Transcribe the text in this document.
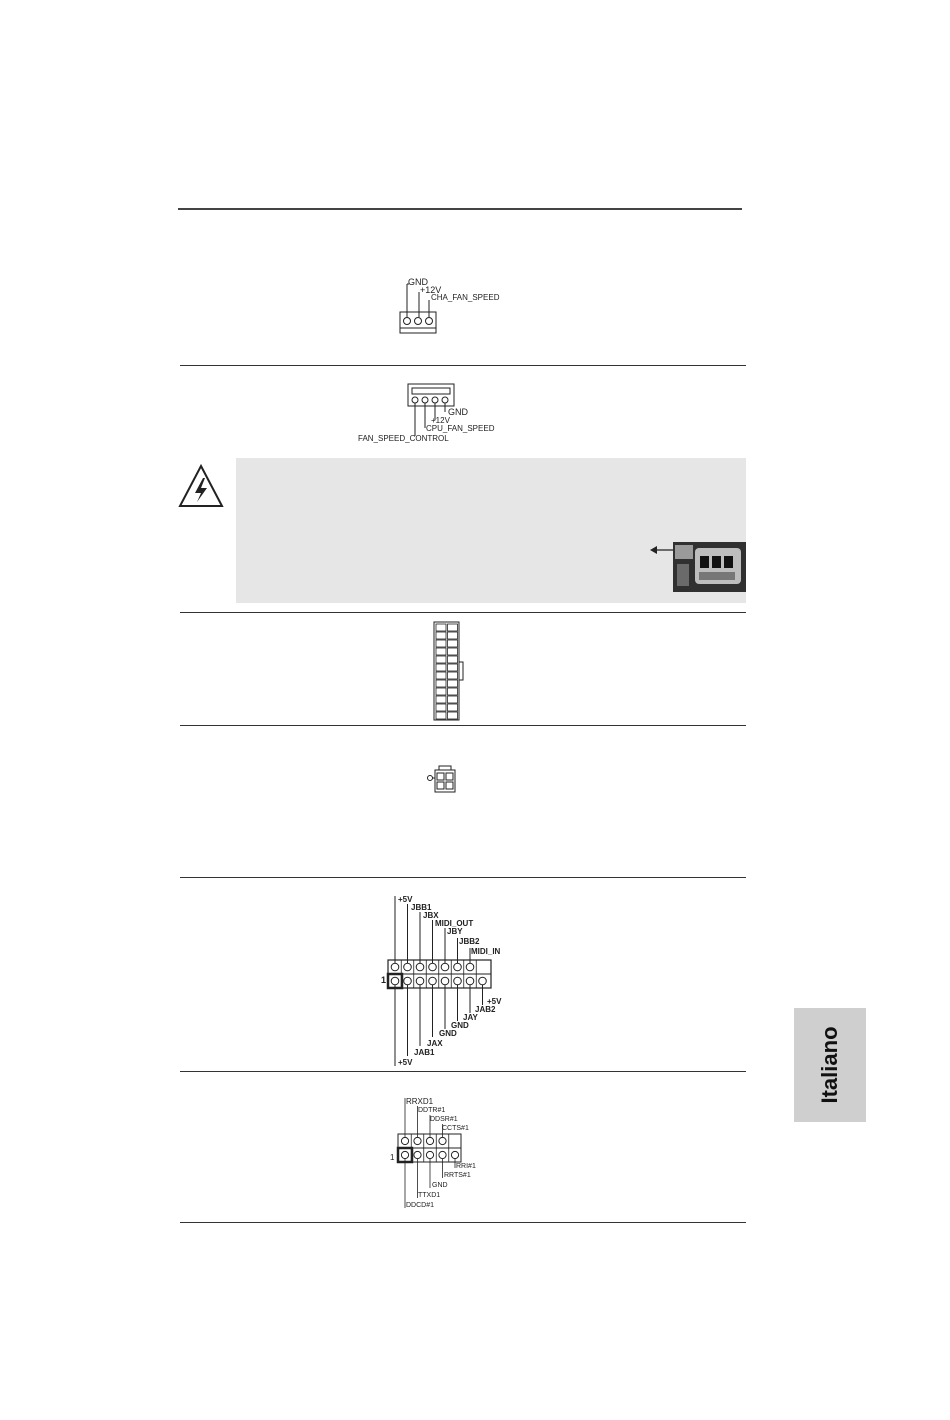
GND
+12V
CHA_FAN_SPEED
GND
+12V
CPU_FAN_SPEED
FAN_SPEED_CONTROL
1
+5V
JBB1
JBX
MIDI_OUT
JBY
JBB2
MIDI_IN
+5V
JAB2
JAY
GND
GND
JAX
JAB1
+5V
1
RRXD1
DDTR#1
DDSR#1
CCTS#1
RRI#1
RRTS#1
GND
TTXD1
DDCD#1
Italiano
